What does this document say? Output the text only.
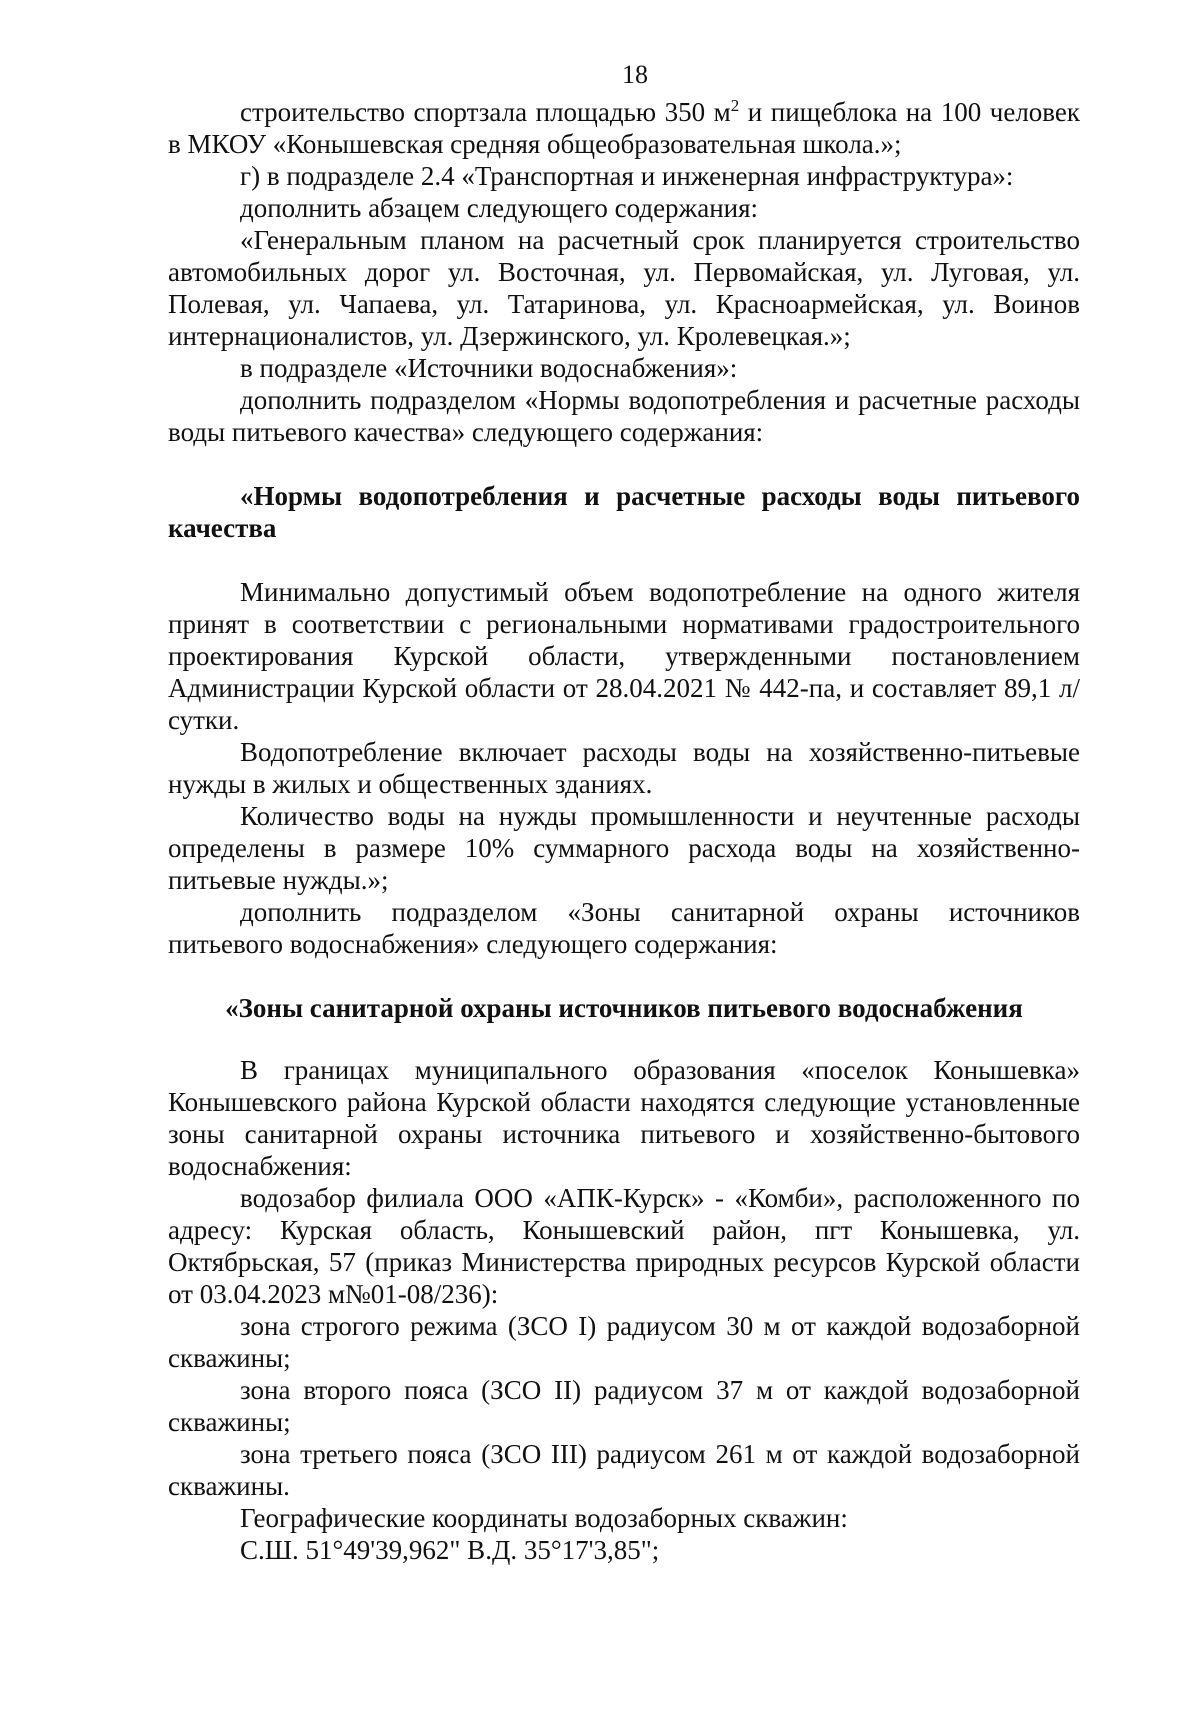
18

строительство спортзала площадью 350 $м^2$ и пищеблока на 100 человек в МКОУ «Конышевская средняя общеобразовательная школа.»;

г) в подразделе 2.4 «Транспортная и инженерная инфраструктура»:

дополнить абзацем следующего содержания:

«Генеральным планом на расчетный срок планируется строительство автомобильных дорог ул. Восточная, ул. Первомайская, ул. Луговая, ул. Полевая, ул. Чапаева, ул. Татаринова, ул. Красноармейская, ул. Воинов интернационалистов, ул. Дзержинского, ул. Кролевецкая.»;

в подразделе «Источники водоснабжения»:

дополнить подразделом «Нормы водопотребления и расчетные расходы воды питьевого качества» следующего содержания:

«Нормы водопотребления и расчетные расходы воды питьевого качества

Минимально допустимый объем водопотребление на одного жителя принят в соответствии с региональными нормативами градостроительного проектирования Курской области, утвержденными постановлением Администрации Курской области от 28.04.2021 № 442-па, и составляет 89,1 л/сутки.

Водопотребление включает расходы воды на хозяйственно-питьевые нужды в жилых и общественных зданиях.

Количество воды на нужды промышленности и неучтенные расходы определены в размере 10% суммарного расхода воды на хозяйственно-питьевые нужды.»;

дополнить подразделом «Зоны санитарной охраны источников питьевого водоснабжения» следующего содержания:

«Зоны санитарной охраны источников питьевого водоснабжения

В границах муниципального образования «поселок Конышевка» Конышевского района Курской области находятся следующие установленные зоны санитарной охраны источника питьевого и хозяйственно-бытового водоснабжения:

водозабор филиала ООО «АПК-Курск» - «Комби», расположенного по адресу: Курская область, Конышевский район, пгт Конышевка, ул. Октябрьская, 57 (приказ Министерства природных ресурсов Курской области от 03.04.2023 м№01-08/236):

зона строгого режима (ЗСО I) радиусом 30 м от каждой водозаборной скважины;

зона второго пояса (ЗСО II) радиусом 37 м от каждой водозаборной скважины;

зона третьего пояса (ЗСО III) радиусом 261 м от каждой водозаборной скважины.

Географические координаты водозаборных скважин:

С.Ш. 51°49'39,962" В.Д. 35°17'3,85";
